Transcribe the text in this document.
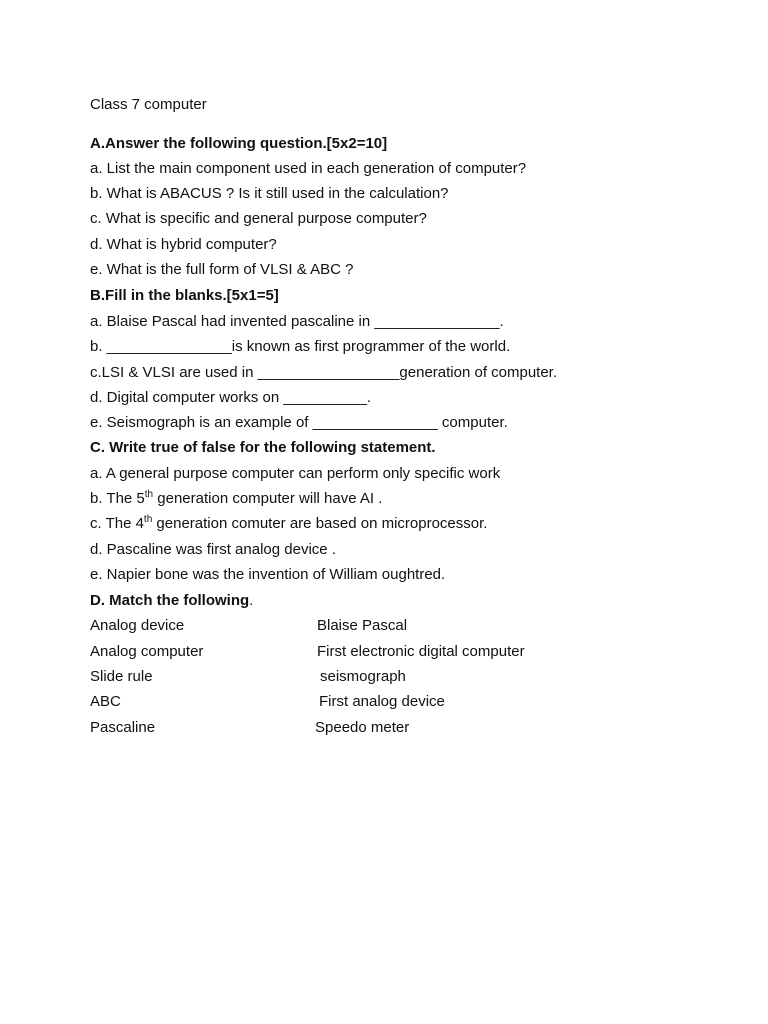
Class 7 computer
A.Answer the following question.[5x2=10]
a. List the main component used in each generation of computer?
b. What is ABACUS ? Is it still used in the calculation?
c. What is specific and general purpose computer?
d. What is hybrid computer?
e. What is the full form of VLSI & ABC ?
B.Fill in the blanks.[5x1=5]
a. Blaise Pascal had invented pascaline in _______________.
b. _______________is known as first programmer of the world.
c.LSI & VLSI are used in _________________generation of computer.
d. Digital computer works on __________.
e. Seismograph is an example of _______________ computer.
C. Write true of false for the following statement.
a. A general purpose computer can perform only specific work
b. The 5th generation computer will have AI .
c. The 4th generation comuter are based on microprocessor.
d. Pascaline was first analog device .
e. Napier bone was the invention of William oughtred.
D. Match the following.
Analog device	Blaise Pascal
Analog computer	First electronic digital computer
Slide rule	seismograph
ABC	First analog device
Pascaline	Speedo meter
